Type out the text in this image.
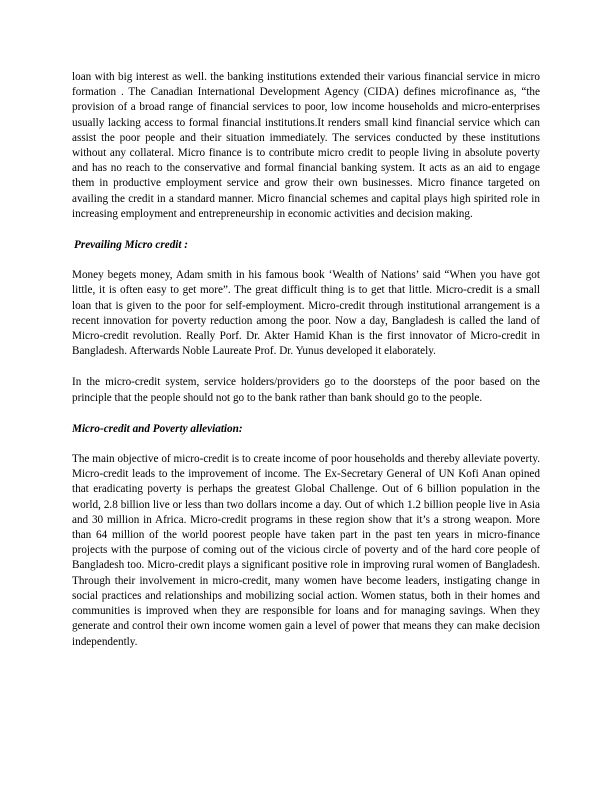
loan with big interest as well. the banking institutions extended their various financial service in micro formation . The Canadian International Development Agency (CIDA) defines microfinance as, “the provision of a broad range of financial services to poor, low income households and micro-enterprises usually lacking access to formal financial institutions.It renders small kind financial service which can assist the poor people and their situation immediately. The services conducted by these institutions without any collateral. Micro finance is to contribute micro credit to people living in absolute poverty and has no reach to the conservative and formal financial banking system. It acts as an aid to engage them in productive employment service and grow their own businesses. Micro finance targeted on availing the credit in a standard manner. Micro financial schemes and capital plays high spirited role in increasing employment and entrepreneurship in economic activities and decision making.

Prevailing Micro credit :

Money begets money, Adam smith in his famous book ‘Wealth of Nations’ said “When you have got little, it is often easy to get more”. The great difficult thing is to get that little. Micro-credit is a small loan that is given to the poor for self-employment. Micro-credit through institutional arrangement is a recent innovation for poverty reduction among the poor. Now a day, Bangladesh is called the land of Micro-credit revolution. Really Porf. Dr. Akter Hamid Khan is the first innovator of Micro-credit in Bangladesh. Afterwards Noble Laureate Prof. Dr. Yunus developed it elaborately.

In the micro-credit system, service holders/providers go to the doorsteps of the poor based on the principle that the people should not go to the bank rather than bank should go to the people.

Micro-credit and Poverty alleviation:

The main objective of micro-credit is to create income of poor households and thereby alleviate poverty. Micro-credit leads to the improvement of income. The Ex-Secretary General of UN Kofi Anan opined that eradicating poverty is perhaps the greatest Global Challenge. Out of 6 billion population in the world, 2.8 billion live or less than two dollars income a day. Out of which 1.2 billion people live in Asia and 30 million in Africa. Micro-credit programs in these region show that it’s a strong weapon. More than 64 million of the world poorest people have taken part in the past ten years in micro-finance projects with the purpose of coming out of the vicious circle of poverty and of the hard core people of Bangladesh too. Micro-credit plays a significant positive role in improving rural women of Bangladesh. Through their involvement in micro-credit, many women have become leaders, instigating change in social practices and relationships and mobilizing social action. Women status, both in their homes and communities is improved when they are responsible for loans and for managing savings. When they generate and control their own income women gain a level of power that means they can make decision independently.
